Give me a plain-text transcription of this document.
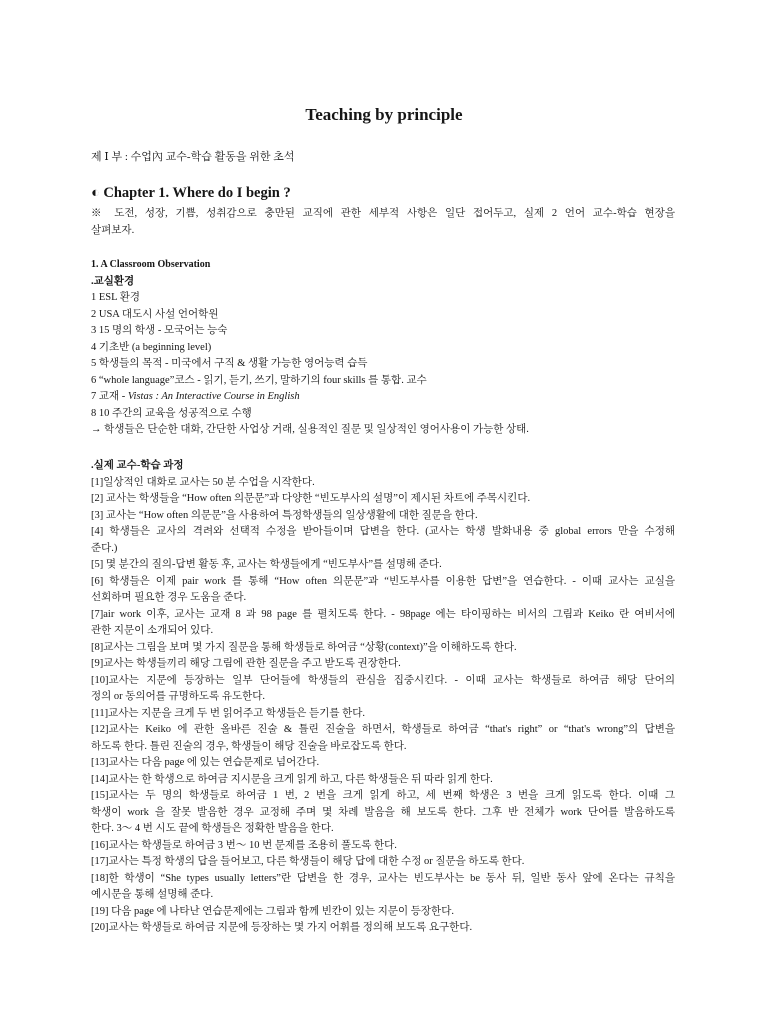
Teaching by principle
제 Ⅰ 부 : 수업內 교수-학습 활동을 위한 초석
◐ Chapter 1. Where do I begin ?
※ 도전, 성장, 기쁨, 성취감으로 충만된 교직에 관한 세부적 사항은 일단 접어두고, 실제 2 언어 교수-학습 현장을
살펴보자.
1. A Classroom Observation
.교실환경
1 ESL 환경
2 USA 대도시 사설 언어학원
3 15 명의 학생 - 모국어는 능숙
4 기초반 (a beginning level)
5 학생들의 목적 - 미국에서 구직 & 생활 가능한 영어능력 습득
6 “whole language”코스 - 읽기, 듣기, 쓰기, 말하기의 four skills 를 통합. 교수
7 교재 - Vistas : An Interactive Course in English
8 10 주간의 교육을 성공적으로 수행
→ 학생들은 단순한 대화, 간단한 사업상 거래, 실용적인 질문 및 일상적인 영어사용이 가능한 상태.
.실제 교수-학습 과정
[1]일상적인 대화로 교사는 50 분 수업을 시작한다.
[2] 교사는 학생들을 “How often 의문문”과 다양한 “빈도부사의 설명”이 제시된 차트에 주목시킨다.
[3] 교사는 “How often 의문문”을 사용하여 특정학생들의 일상생활에 대한 질문을 한다.
[4] 학생들은 교사의 격려와 선택적 수정을 받아들이며 답변을 한다. (교사는 학생 발화내용 중 global errors 만을 수정해
준다.)
[5] 몇 분간의 질의-답변 활동 후, 교사는 학생들에게 “빈도부사”를 설명해 준다.
[6] 학생들은 이제 pair work 를 통해 “How often 의문문”과 “빈도부사를 이용한 답변”을 연습한다. - 이때 교사는 교실을
선회하며 필요한 경우 도움을 준다.
[7]air work 이후, 교사는 교재 8 과 98 page 를 펼치도록 한다. - 98page 에는 타이핑하는 비서의 그림과 Keiko 란 여비서에
관한 지문이 소개되어 있다.
[8]교사는 그림을 보며 몇 가지 질문을 통해 학생들로 하여금 “상황(context)”을 이해하도록 한다.
[9]교사는 학생들끼리 해당 그림에 관한 질문을 주고 받도록 권장한다.
[10]교사는 지문에 등장하는 일부 단어들에 학생들의 관심을 집중시킨다. - 이때 교사는 학생들로 하여금 해당 단어의
정의 or 동의어를 규명하도록 유도한다.
[11]교사는 지문을 크게 두 번 읽어주고 학생들은 듣기를 한다.
[12]교사는 Keiko 에 관한 올바른 진술 & 틀린 진술을 하면서, 학생들로 하여금 “that's right” or “that's wrong”의 답변을
하도록 한다. 틀린 진술의 경우, 학생들이 해당 진술을 바로잡도록 한다.
[13]교사는 다음 page 에 있는 연습문제로 넘어간다.
[14]교사는 한 학생으로 하여금 지시문을 크게 읽게 하고, 다른 학생들은 뒤 따라 읽게 한다.
[15]교사는 두 명의 학생들로 하여금 1 번, 2 번을 크게 읽게 하고, 세 번째 학생은 3 번을 크게 읽도록 한다. 이때 그
학생이 work 을 잘못 발음한 경우 교정해 주며 몇 차례 발음을 해 보도록 한다. 그후 반 전체가 work 단어를 발음하도록
한다. 3～ 4 번 시도 끝에 학생들은 정확한 발음을 한다.
[16]교사는 학생들로 하여금 3 번～ 10 번 문제를 조용히 풀도록 한다.
[17]교사는 특정 학생의 답을 들어보고, 다른 학생들이 해당 답에 대한 수정 or 질문을 하도록 한다.
[18]한 학생이 “She types usually letters”란 답변을 한 경우, 교사는 빈도부사는 be 동사 뒤, 일반 동사 앞에 온다는 규칙을
예시문을 통해 설명해 준다.
[19] 다음 page 에 나타난 연습문제에는 그림과 함께 빈칸이 있는 지문이 등장한다.
[20]교사는 학생들로 하여금 지문에 등장하는 몇 가지 어휘를 정의해 보도록 요구한다.
